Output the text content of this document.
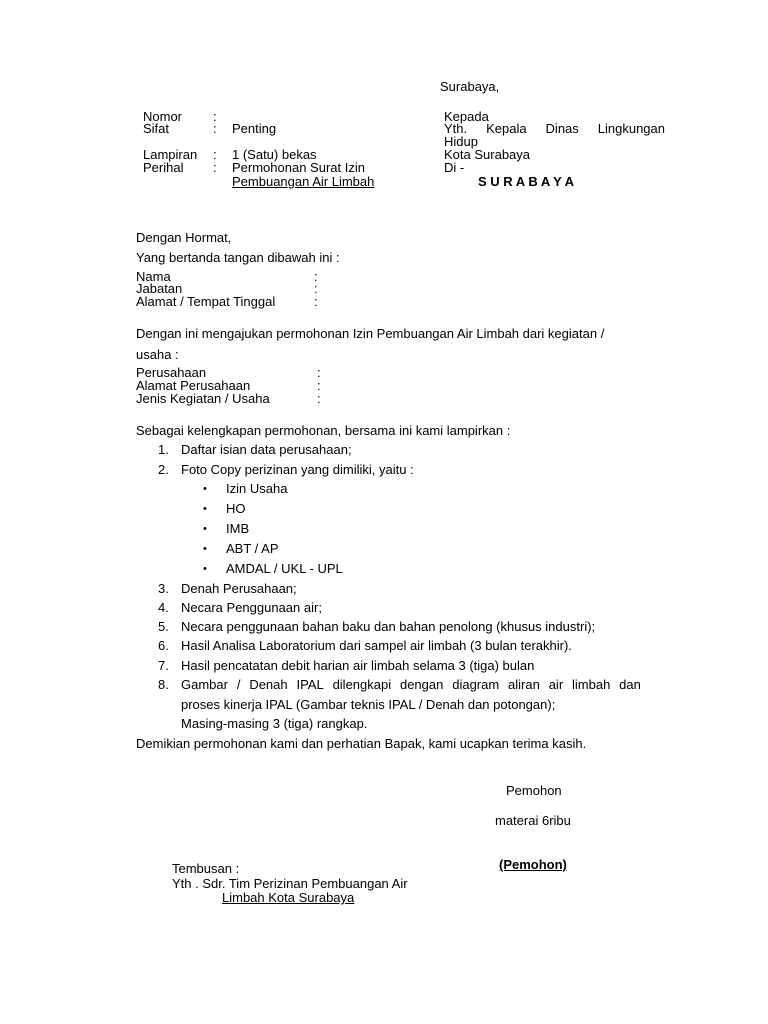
Surabaya,
Nomor :
Sifat	: Penting
Lampiran : 1 (Satu) bekas
Perihal : Permohonan Surat Izin
Pembuangan Air Limbah
Kepada
Yth. Kepala Dinas Lingkungan
Hidup
Kota Surabaya
Di -
S U R A B A Y A
Dengan Hormat,
Yang bertanda tangan dibawah ini :
Nama	:
Jabatan	:
Alamat / Tempat Tinggal	:
Dengan ini mengajukan permohonan Izin Pembuangan Air Limbah dari kegiatan /
usaha :
Perusahaan	:
Alamat Perusahaan	:
Jenis Kegiatan / Usaha	:
Sebagai kelengkapan permohonan, bersama ini kami lampirkan :
1. Daftar isian data perusahaan;
2. Foto Copy perizinan yang dimiliki, yaitu :
• Izin Usaha
• HO
• IMB
• ABT / AP
• AMDAL / UKL - UPL
3. Denah Perusahaan;
4. Necara Penggunaan air;
5. Necara penggunaan bahan baku dan bahan penolong (khusus industri);
6. Hasil Analisa Laboratorium dari sampel air limbah (3 bulan terakhir).
7. Hasil pencatatan debit harian air limbah selama 3 (tiga) bulan
8. Gambar / Denah IPAL dilengkapi dengan diagram aliran air limbah dan
proses kinerja IPAL (Gambar teknis IPAL / Denah dan potongan);
Masing-masing 3 (tiga) rangkap.
Demikian permohonan kami dan perhatian Bapak, kami ucapkan terima kasih.
Pemohon
materai 6ribu
(Pemohon)
Tembusan :
Yth . Sdr. Tim Perizinan Pembuangan Air
Limbah Kota Surabaya
